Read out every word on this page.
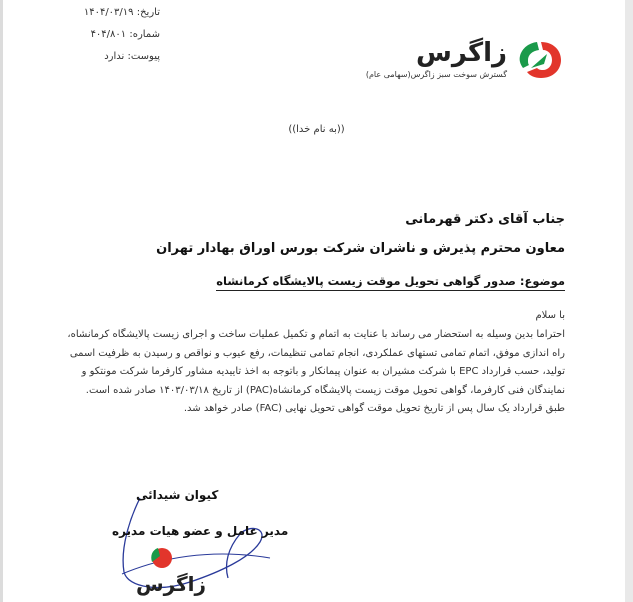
تاریخ: ۱۴۰۴/۰۳/۱۹
شماره: ۴۰۴/۸۰۱
پیوست: ندارد	زاگرس
گسترش سوخت سبز زاگرس(سهامی عام)
((به نام خدا))
جناب آقای دکتر قهرمانی
معاون محترم پذیرش و ناشران شرکت بورس اوراق بهادار تهران
موضوع: صدور گواهی تحویل موقت زیست پالایشگاه کرمانشاه
با سلام
احتراما بدین وسیله به استحضار می رساند با عنایت به اتمام و تکمیل عملیات ساخت و اجرای زیست پالایشگاه کرمانشاه، راه اندازی موفق، اتمام تمامی تستهای عملکردی، انجام تمامی تنظیمات، رفع عیوب و نواقص و رسیدن به ظرفیت اسمی تولید، حسب قرارداد EPC با شرکت مشیران به عنوان پیمانکار و باتوجه به اخذ تاییدیه مشاور کارفرما شرکت مونتکو و نمایندگان فنی کارفرما، گواهی تحویل موقت زیست پالایشگاه کرمانشاه(PAC) از تاریخ ۱۴۰۳/۰۳/۱۸ صادر شده است. طبق قرارداد یک سال پس از تاریخ تحویل موقت گواهی تحویل نهایی (FAC) صادر خواهد شد.
کیوان شیدائی
مدیر عامل و عضو هیات مدیره
زاگرس
